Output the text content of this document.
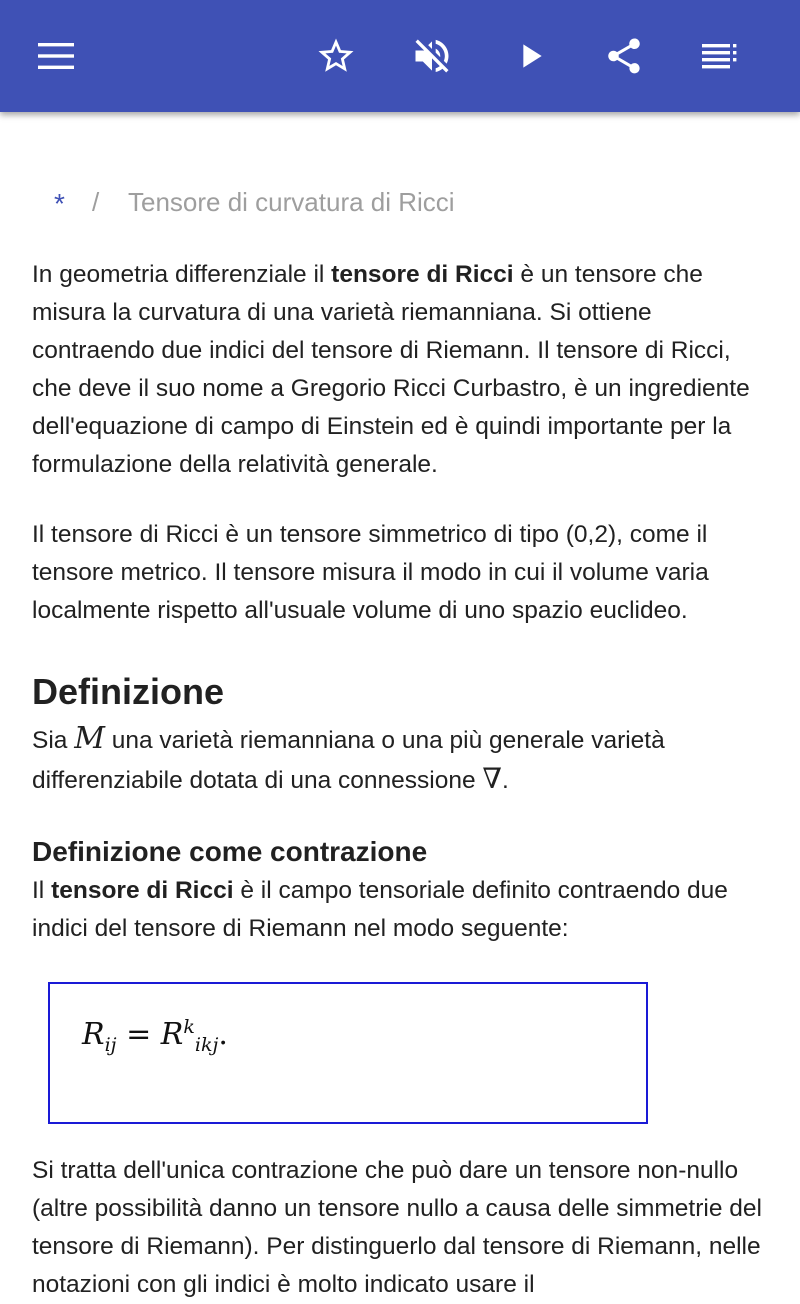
* / Tensore di curvatura di Ricci

In geometria differenziale il tensore di Ricci è un tensore che misura la curvatura di una varietà riemanniana. Si ottiene contraendo due indici del tensore di Riemann. Il tensore di Ricci, che deve il suo nome a Gregorio Ricci Curbastro, è un ingrediente dell'equazione di campo di Einstein ed è quindi importante per la formulazione della relatività generale.

Il tensore di Ricci è un tensore simmetrico di tipo (0,2), come il tensore metrico. Il tensore misura il modo in cui il volume varia localmente rispetto all'usuale volume di uno spazio euclideo.

Definizione

Sia M una varietà riemanniana o una più generale varietà differenziabile dotata di una connessione ∇.

Definizione come contrazione

Il tensore di Ricci è il campo tensoriale definito contraendo due indici del tensore di Riemann nel modo seguente:

$R_{ij} = R^k_{ikj}$.

Si tratta dell'unica contrazione che può dare un tensore non-nullo (altre possibilità danno un tensore nullo a causa delle simmetrie del tensore di Riemann). Per distinguerlo dal tensore di Riemann, nelle notazioni con gli indici è molto indicato usare il
